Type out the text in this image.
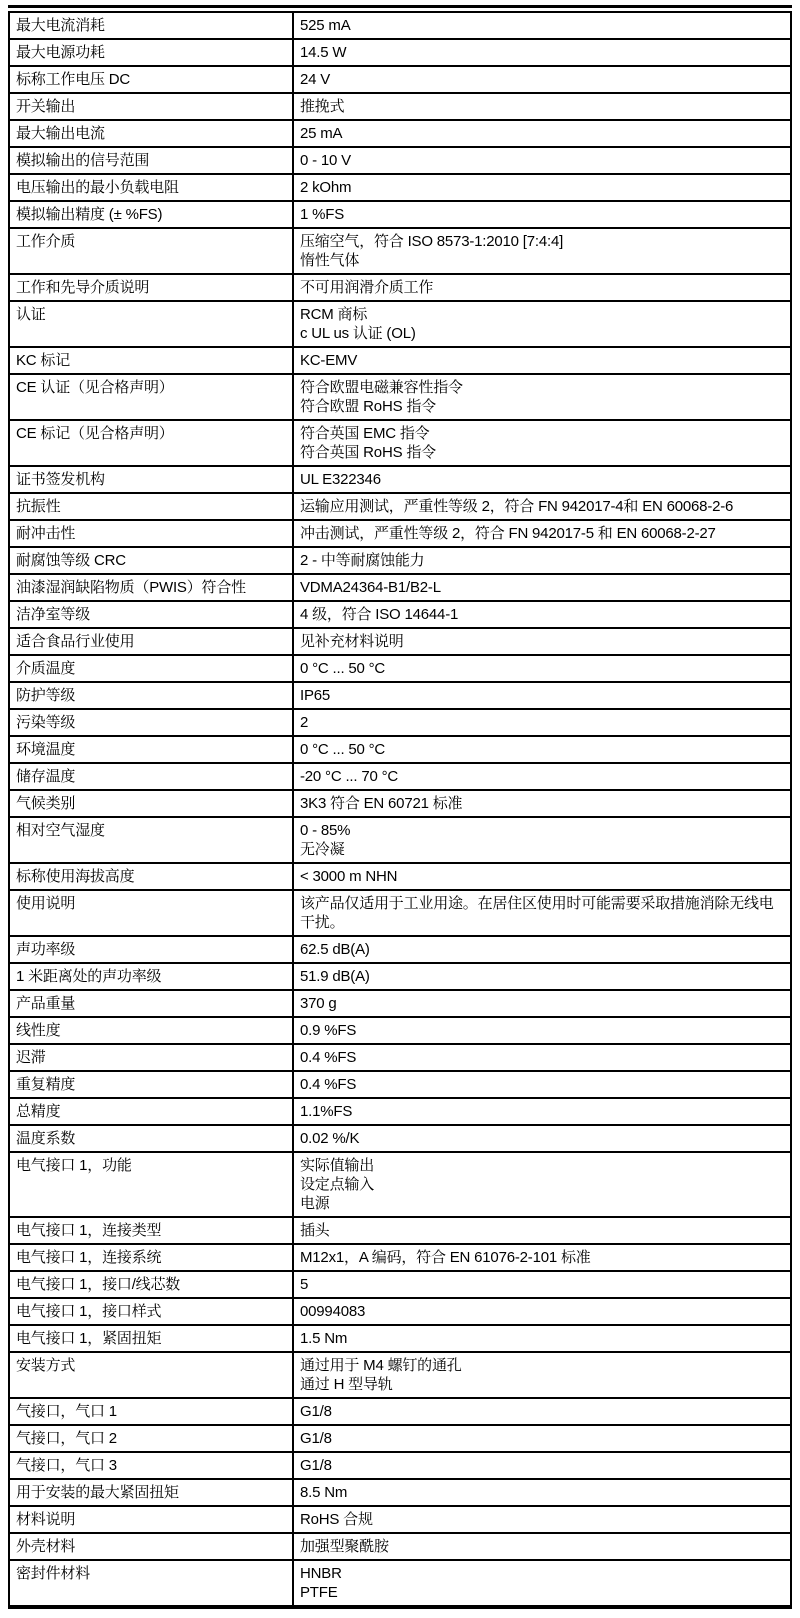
最大电流消耗	525 mA
最大电源功耗	14.5 W
标称工作电压 DC	24 V
开关输出	推挽式
最大输出电流	25 mA
模拟输出的信号范围	0 - 10 V
电压输出的最小负载电阻	2 kOhm
模拟输出精度 (± %FS)	1 %FS
工作介质	压缩空气，符合 ISO 8573-1:2010 [7:4:4]
惰性气体
工作和先导介质说明	不可用润滑介质工作
认证	RCM 商标
c UL us 认证 (OL)
KC 标记	KC-EMV
CE 认证（见合格声明）	符合欧盟电磁兼容性指令
符合欧盟 RoHS 指令
CE 标记（见合格声明）	符合英国 EMC 指令
符合英国 RoHS 指令
证书签发机构	UL E322346
抗振性	运输应用测试，严重性等级 2，符合 FN 942017-4和 EN 60068-2-6
耐冲击性	冲击测试，严重性等级 2，符合 FN 942017-5 和 EN 60068-2-27
耐腐蚀等级 CRC	2 - 中等耐腐蚀能力
油漆湿润缺陷物质（PWIS）符合性	VDMA24364-B1/B2-L
洁净室等级	4 级，符合 ISO 14644-1
适合食品行业使用	见补充材料说明
介质温度	0 °C ... 50 °C
防护等级	IP65
污染等级	2
环境温度	0 °C ... 50 °C
储存温度	-20 °C ... 70 °C
气候类别	3K3 符合 EN 60721 标准
相对空气湿度	0 - 85%
无冷凝
标称使用海拔高度	< 3000 m NHN
使用说明	该产品仅适用于工业用途。在居住区使用时可能需要采取措施消除无线电干扰。
声功率级	62.5 dB(A)
1 米距离处的声功率级	51.9 dB(A)
产品重量	370 g
线性度	0.9 %FS
迟滞	0.4 %FS
重复精度	0.4 %FS
总精度	1.1%FS
温度系数	0.02 %/K
电气接口 1，功能	实际值输出
设定点输入
电源
电气接口 1，连接类型	插头
电气接口 1，连接系统	M12x1，A 编码，符合 EN 61076-2-101 标准
电气接口 1，接口/线芯数	5
电气接口 1，接口样式	00994083
电气接口 1，紧固扭矩	1.5 Nm
安装方式	通过用于 M4 螺钉的通孔
通过 H 型导轨
气接口，气口 1	G1/8
气接口，气口 2	G1/8
气接口，气口 3	G1/8
用于安装的最大紧固扭矩	8.5 Nm
材料说明	RoHS 合规
外壳材料	加强型聚酰胺
密封件材料	HNBR
PTFE
